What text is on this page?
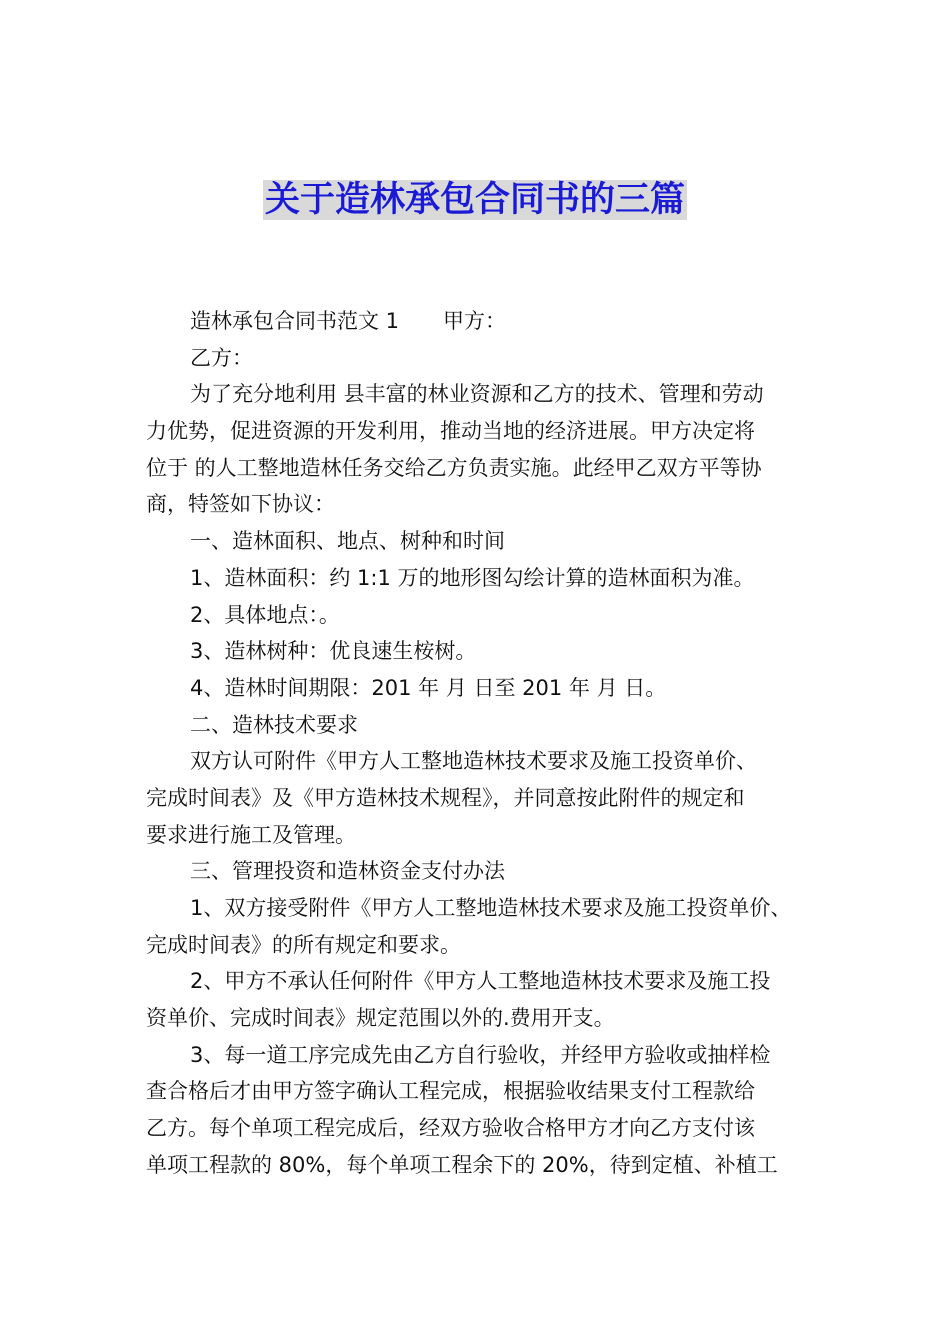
关于造林承包合同书的三篇
造林承包合同书范文 1 甲方：
乙方：
为了充分地利用 县丰富的林业资源和乙方的技术、管理和劳动
力优势，促进资源的开发利用，推动当地的经济进展。甲方决定将
位于 的人工整地造林任务交给乙方负责实施。此经甲乙双方平等协
商，特签如下协议：
一、造林面积、地点、树种和时间
1、造林面积：约 1:1 万的地形图勾绘计算的造林面积为准。
2、具体地点：。
3、造林树种：优良速生桉树。
4、造林时间期限：201 年 月 日至 201 年 月 日。
二、造林技术要求
双方认可附件《甲方人工整地造林技术要求及施工投资单价、
完成时间表》及《甲方造林技术规程》，并同意按此附件的规定和
要求进行施工及管理。
三、管理投资和造林资金支付办法
1、双方接受附件《甲方人工整地造林技术要求及施工投资单价、
完成时间表》的所有规定和要求。
2、甲方不承认任何附件《甲方人工整地造林技术要求及施工投
资单价、完成时间表》规定范围以外的.费用开支。
3、每一道工序完成先由乙方自行验收，并经甲方验收或抽样检
查合格后才由甲方签字确认工程完成，根据验收结果支付工程款给
乙方。每个单项工程完成后，经双方验收合格甲方才向乙方支付该
单项工程款的 80%，每个单项工程余下的 20%，待到定植、补植工
